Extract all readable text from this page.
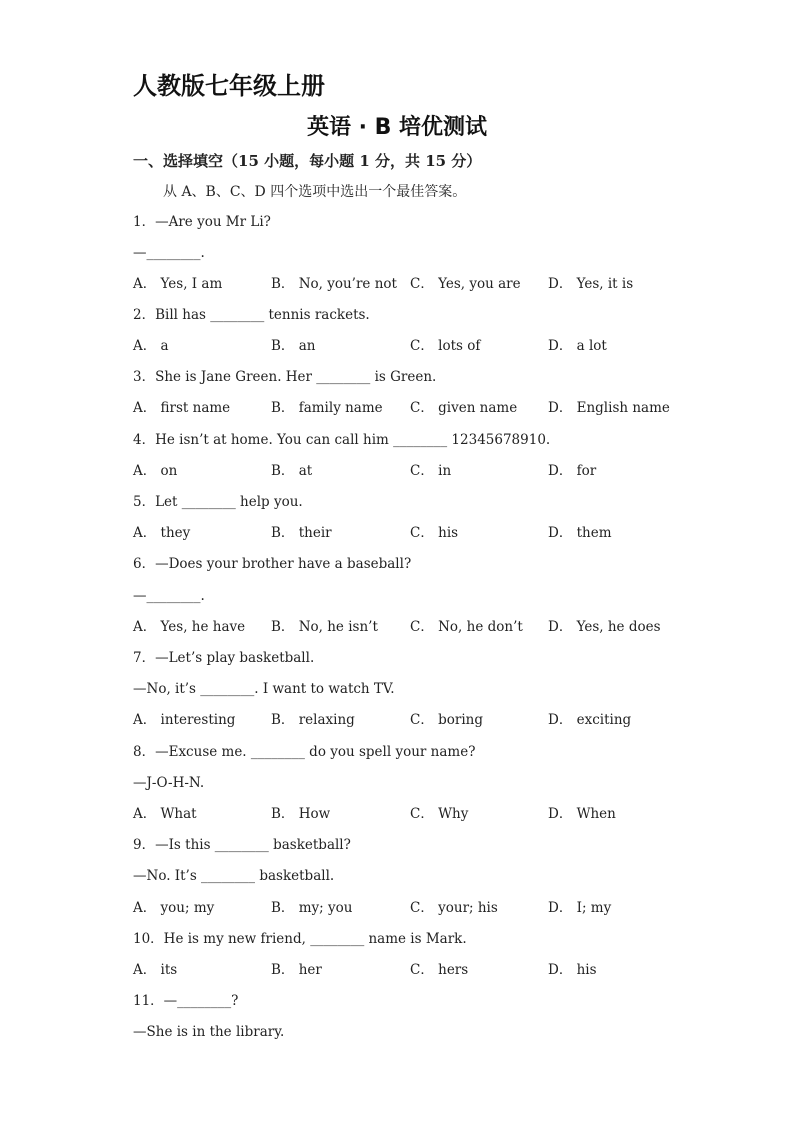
人教版七年级上册
英语 · B 培优测试
一、选择填空（15 小题，每小题 1 分，共 15 分）
从 A、B、C、D 四个选项中选出一个最佳答案。
1．—Are you Mr Li?
—________.
A． Yes, I am	B． No, you’re not C． Yes, you are D． Yes, it is
2．Bill has ________ tennis rackets.
A． a	B． an	C． lots of	D． a lot
3．She is Jane Green. Her ________ is Green.
A． first name	B． family name C． given name D． English name
4．He isn’t at home. You can call him ________ 12345678910.
A． on	B． at	C． in	D． for
5．Let ________ help you.
A． they	B． their	C． his	D． them
6．—Does your brother have a baseball?
—________.
A． Yes, he have B． No, he isn’t C． No, he don’t D． Yes, he does
7．—Let’s play basketball.
—No, it’s ________. I want to watch TV.
A． interesting	B． relaxing	C． boring	D． exciting
8．—Excuse me. ________ do you spell your name?
—J-O-H-N.
A． What	B． How	C． Why	D． When
9．—Is this ________ basketball?
—No. It’s ________ basketball.
A． you; my	B． my; you	C． your; his	D． I; my
10．He is my new friend, ________ name is Mark.
A． its	B． her	C． hers	D． his
11．—________?
—She is in the library.
